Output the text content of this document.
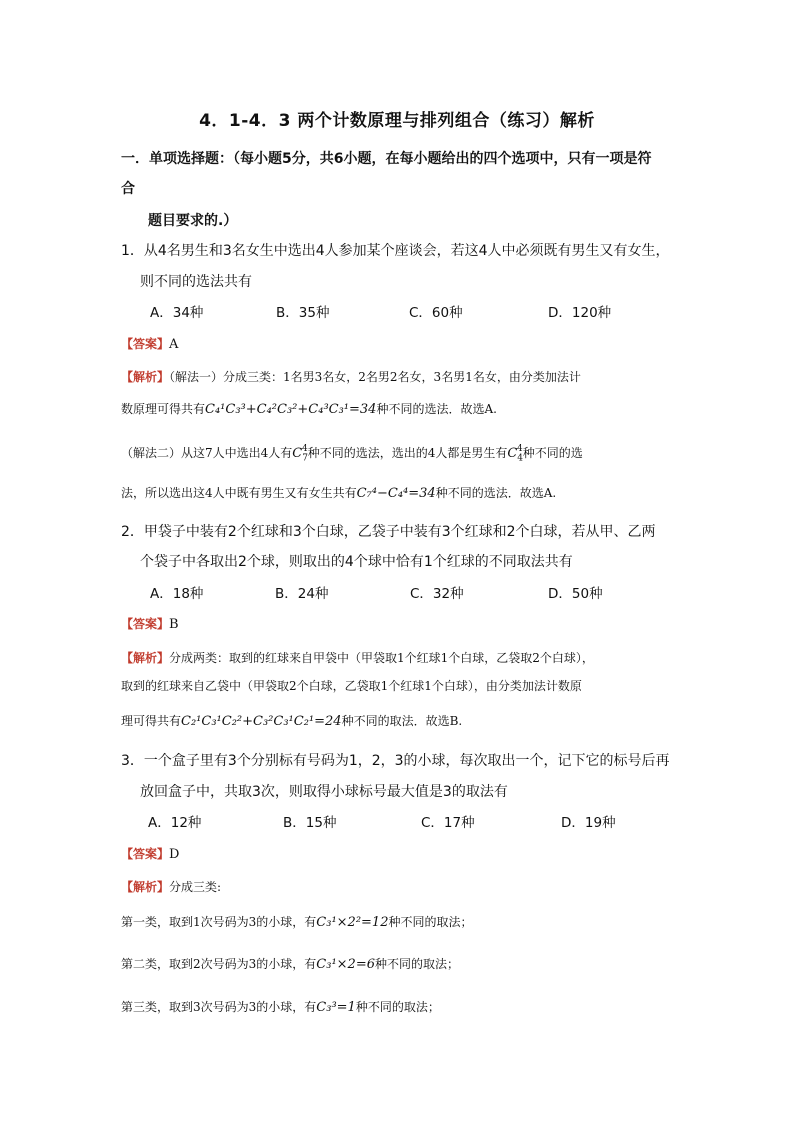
4．1-4．3 两个计数原理与排列组合（练习）解析
一．单项选择题：（每小题5分，共6小题，在每小题给出的四个选项中，只有一项是符
合
题目要求的.）
1．从4名男生和3名女生中选出4人参加某个座谈会，若这4人中必须既有男生又有女生，
则不同的选法共有
A．34种	B．35种	C．60种	D．120种
【答案】A
【解析】（解法一）分成三类：1名男3名女，2名男2名女，3名男1名女，由分类加法计
数原理可得共有C₄¹C₃³+C₄²C₃²+C₄³C₃¹=34种不同的选法．故选A.
（解法二）从这7人中选出4人有$C_7^4$种不同的选法，选出的4人都是男生有$C_4^4$种不同的选
法，所以选出这4人中既有男生又有女生共有C₇⁴−C₄⁴=34种不同的选法．故选A.
2．甲袋子中装有2个红球和3个白球，乙袋子中装有3个红球和2个白球，若从甲、乙两
个袋子中各取出2个球，则取出的4个球中恰有1个红球的不同取法共有
A．18种	B．24种	C．32种	D．50种
【答案】B
【解析】分成两类：取到的红球来自甲袋中（甲袋取1个红球1个白球，乙袋取2个白球），
取到的红球来自乙袋中（甲袋取2个白球，乙袋取1个红球1个白球），由分类加法计数原
理可得共有C₂¹C₃¹C₂²+C₃²C₃¹C₂¹=24种不同的取法．故选B.
3．一个盒子里有3个分别标有号码为1，2，3的小球，每次取出一个，记下它的标号后再
放回盒子中，共取3次，则取得小球标号最大值是3的取法有
A．12种	B．15种	C．17种	D．19种
【答案】D
【解析】分成三类:
第一类，取到1次号码为3的小球，有C₃¹×2²=12种不同的取法；
第二类，取到2次号码为3的小球，有C₃¹×2=6种不同的取法；
第三类，取到3次号码为3的小球，有C₃³=1种不同的取法；
